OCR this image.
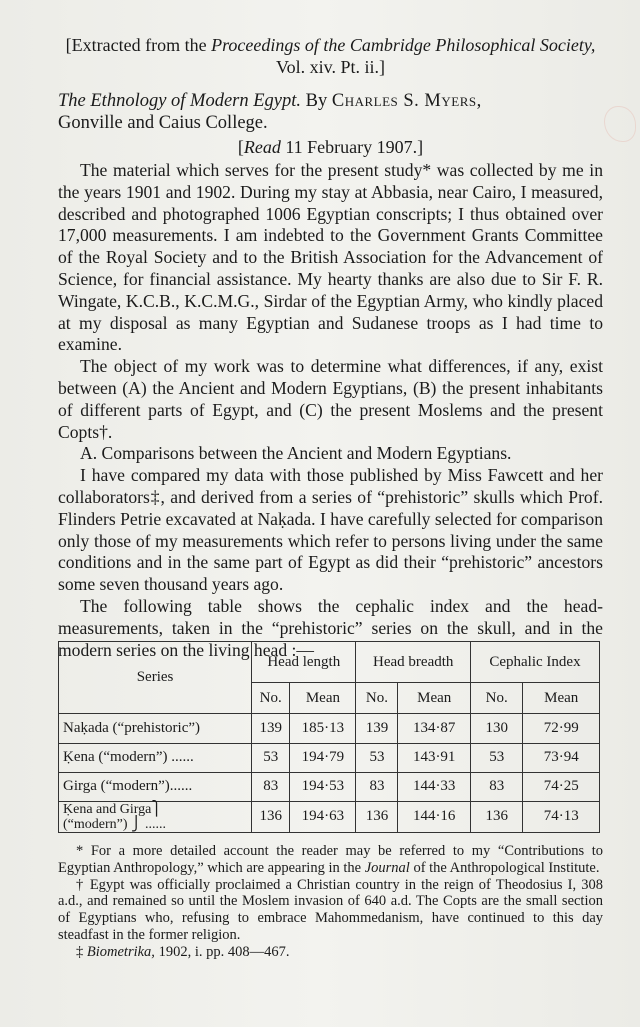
[Extracted from the Proceedings of the Cambridge Philosophical Society,
Vol. xiv. Pt. ii.]
The Ethnology of Modern Egypt. By Charles S. Myers,
Gonville and Caius College.
[Read 11 February 1907.]

The material which serves for the present study* was collected by me in the years 1901 and 1902. During my stay at Abbasia, near Cairo, I measured, described and photographed 1006 Egyptian conscripts; I thus obtained over 17,000 measurements. I am indebted to the Government Grants Committee of the Royal Society and to the British Association for the Advancement of Science, for financial assistance. My hearty thanks are also due to Sir F. R. Wingate, K.C.B., K.C.M.G., Sirdar of the Egyptian Army, who kindly placed at my disposal as many Egyptian and Sudanese troops as I had time to examine.

The object of my work was to determine what differences, if any, exist between (A) the Ancient and Modern Egyptians, (B) the present inhabitants of different parts of Egypt, and (C) the present Moslems and the present Copts†.

A. Comparisons between the Ancient and Modern Egyptians.

I have compared my data with those published by Miss Fawcett and her collaborators‡, and derived from a series of “prehistoric” skulls which Prof. Flinders Petrie excavated at Naḳada. I have carefully selected for comparison only those of my measurements which refer to persons living under the same conditions and in the same part of Egypt as did their “prehistoric” ancestors some seven thousand years ago.

The following table shows the cephalic index and the head-measurements, taken in the “prehistoric” series on the skull, and in the modern series on the living head :—

Series	Head length		Head breadth		Cephalic Index	
	No.	Mean	No.	Mean	No.	Mean
Naḳada (“prehistoric”)	139	185·13	139	134·87	130	72·99
Ḳena (“modern”) ......	53	194·79	53	143·91	53	73·94
Girga (“modern”)......	83	194·53	83	144·33	83	74·25
Ḳena and Girga⎫
(“modern”) ⎭ ......	136	194·63	136	144·16	136	74·13

* For a more detailed account the reader may be referred to my “Contributions to Egyptian Anthropology,” which are appearing in the Journal of the Anthropological Institute.

† Egypt was officially proclaimed a Christian country in the reign of Theodosius I, 308 a.d., and remained so until the Moslem invasion of 640 a.d. The Copts are the small section of Egyptians who, refusing to embrace Mahommedanism, have continued to this day steadfast in the former religion.

‡ Biometrika, 1902, i. pp. 408—467.
